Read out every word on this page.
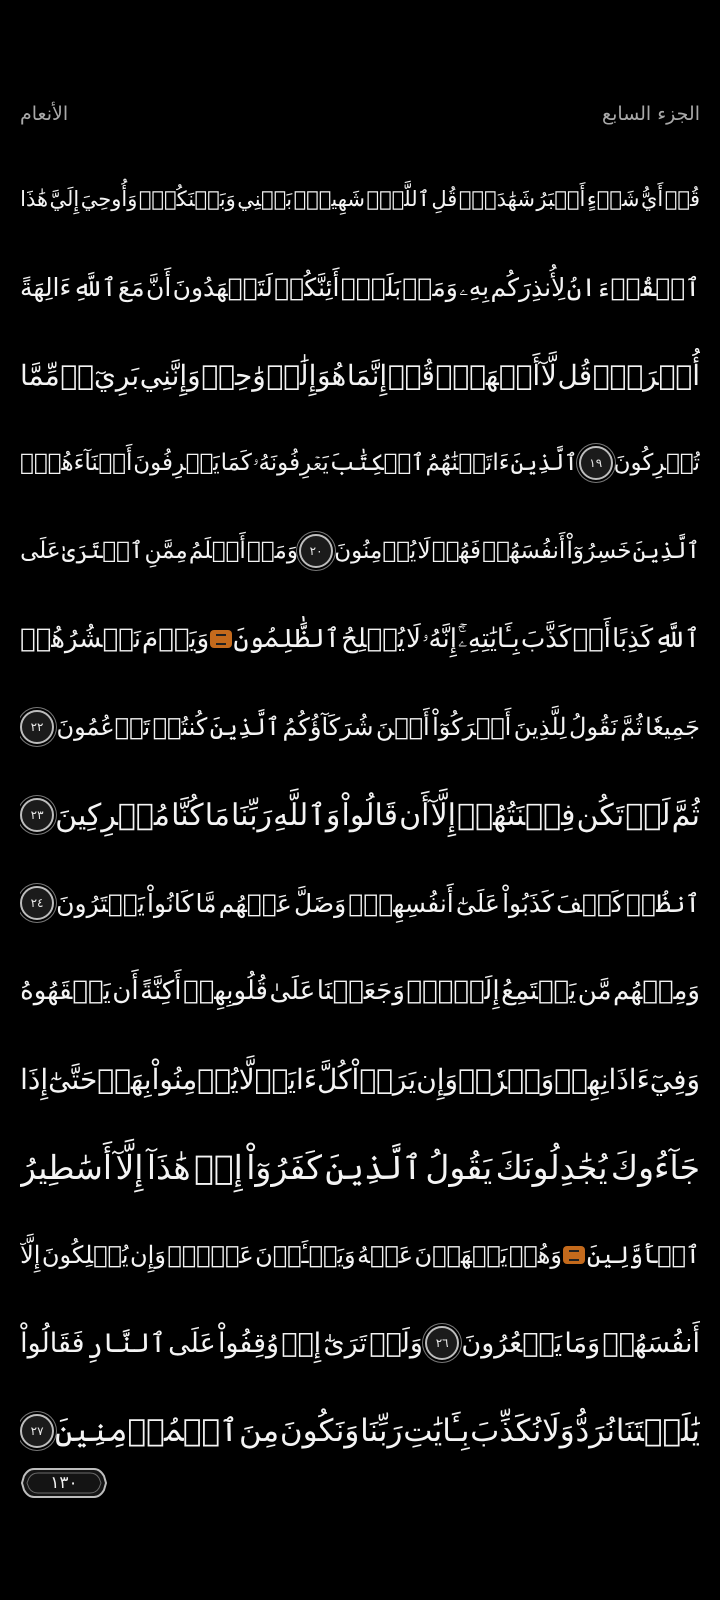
الأنعام	الجزء السابع
قُلۡ
أَيُّ
شَيۡءٍ
أَكۡبَرُ
شَهَٰدَةٗۖ
قُلِ
ٱللَّهُۖ
شَهِيدُۢ
بَيۡنِي
وَبَيۡنَكُمۡۚ
وَأُوحِيَ
إِلَيَّ
هَٰذَا
ٱلۡقُرۡءَانُ
لِأُنذِرَكُم
بِهِۦ
وَمَنۢ
بَلَغَۚ
أَئِنَّكُمۡ
لَتَشۡهَدُونَ
أَنَّ
مَعَ
ٱللَّهِ
ءَالِهَةً
أُخۡرَىٰۚ
قُل
لَّآ
أَشۡهَدُۚ
قُلۡ
إِنَّمَا
هُوَ
إِلَٰهٞ
وَٰحِدٞ
وَإِنَّنِي
بَرِيٓءٞ
مِّمَّا
تُشۡرِكُونَ
١٩
ٱلَّذِينَ
ءَاتَيۡنَٰهُمُ
ٱلۡكِتَٰبَ
يَعۡرِفُونَهُۥ
كَمَا
يَعۡرِفُونَ
أَبۡنَآءَهُمُۘ
ٱلَّذِينَ
خَسِرُوٓاْ
أَنفُسَهُمۡ
فَهُمۡ
لَا
يُؤۡمِنُونَ
٢٠
وَمَنۡ
أَظۡلَمُ
مِمَّنِ
ٱفۡتَرَىٰ
عَلَى
ٱللَّهِ
كَذِبًا
أَوۡ
كَذَّبَ
بِـَٔايَٰتِهِۦٓۚ
إِنَّهُۥ
لَا
يُفۡلِحُ
ٱلظَّٰلِمُونَ
وَيَوۡمَ
نَحۡشُرُهُمۡ
جَمِيعٗا
ثُمَّ
نَقُولُ
لِلَّذِينَ
أَشۡرَكُوٓاْ
أَيۡنَ
شُرَكَآؤُكُمُ
ٱلَّذِينَ
كُنتُمۡ
تَزۡعُمُونَ
٢٢
ثُمَّ
لَمۡ
تَكُن
فِتۡنَتُهُمۡ
إِلَّآ
أَن
قَالُواْ
وَٱللَّهِ
رَبِّنَا
مَا
كُنَّا
مُشۡرِكِينَ
٢٣
ٱنظُرۡ
كَيۡفَ
كَذَبُواْ
عَلَىٰٓ
أَنفُسِهِمۡۚ
وَضَلَّ
عَنۡهُم
مَّا
كَانُواْ
يَفۡتَرُونَ
٢٤
وَمِنۡهُم
مَّن
يَسۡتَمِعُ
إِلَيۡكَۖ
وَجَعَلۡنَا
عَلَىٰ
قُلُوبِهِمۡ
أَكِنَّةً
أَن
يَفۡقَهُوهُ
وَفِيٓ
ءَاذَانِهِمۡ
وَقۡرٗاۚ
وَإِن
يَرَوۡاْ
كُلَّ
ءَايَةٖ
لَّا
يُؤۡمِنُواْ
بِهَاۖ
حَتَّىٰٓ
إِذَا
جَآءُوكَ
يُجَٰدِلُونَكَ
يَقُولُ
ٱلَّذِينَ
كَفَرُوٓاْ
إِنۡ
هَٰذَآ
إِلَّآ
أَسَٰطِيرُ
ٱلۡأَوَّلِينَ
وَهُمۡ
يَنۡهَوۡنَ
عَنۡهُ
وَيَنۡـَٔوۡنَ
عَنۡهُۖ
وَإِن
يُهۡلِكُونَ
إِلَّآ
أَنفُسَهُمۡ
وَمَا
يَشۡعُرُونَ
٢٦
وَلَوۡ
تَرَىٰٓ
إِذۡ
وُقِفُواْ
عَلَى
ٱلنَّارِ
فَقَالُواْ
يَٰلَيۡتَنَا
نُرَدُّ
وَلَا
نُكَذِّبَ
بِـَٔايَٰتِ
رَبِّنَا
وَنَكُونَ
مِنَ
ٱلۡمُؤۡمِنِينَ
٢٧
١٣٠
